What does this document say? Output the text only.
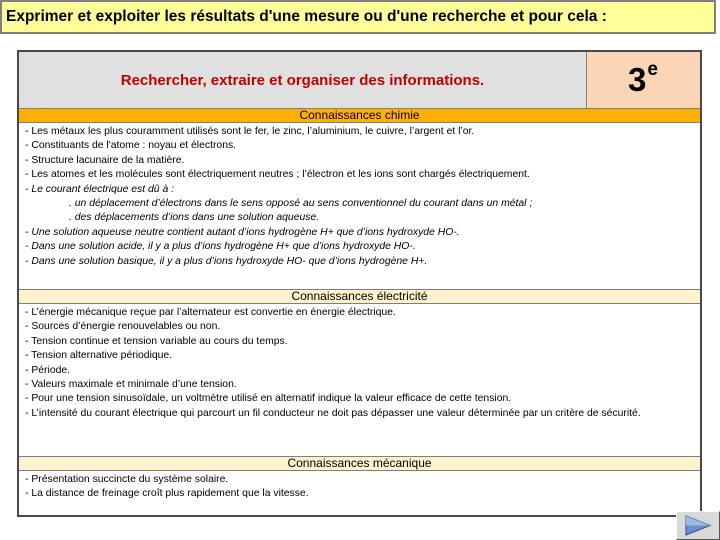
Exprimer et exploiter les résultats d'une mesure ou d'une recherche et pour cela :
Rechercher, extraire et organiser des informations.	3e
Connaissances chimie
- Les métaux les plus couramment utilisés sont le fer, le zinc, l’aluminium, le cuivre, l’argent et l’or.
- Constituants de l'atome : noyau et électrons.
- Structure lacunaire de la matière.
- Les atomes et les molécules sont électriquement neutres ; l’électron et les ions sont chargés électriquement.
- Le courant électrique est dû à :
. un déplacement d’électrons dans le sens opposé au sens conventionnel du courant dans un métal ;
. des déplacements d’ions dans une solution aqueuse.
- Une solution aqueuse neutre contient autant d’ions hydrogène H+ que d’ions hydroxyde HO-.
- Dans une solution acide, il y a plus d’ions hydrogène H+ que d’ions hydroxyde HO-.
- Dans une solution basique, il y a plus d’ions hydroxyde HO- que d’ions hydrogène H+.
Connaissances électricité
- L’énergie mécanique reçue par l’alternateur est convertie en énergie électrique.
- Sources d’énergie renouvelables ou non.
- Tension continue et tension variable au cours du temps.
- Tension alternative périodique.
- Période.
- Valeurs maximale et minimale d’une tension.
- Pour une tension sinusoïdale, un voltmètre utilisé en alternatif indique la valeur efficace de cette tension.
- L’intensité du courant électrique qui parcourt un fil conducteur ne doit pas dépasser une valeur déterminée par un critère de sécurité.
Connaissances mécanique
- Présentation succincte du système solaire.
- La distance de freinage croît plus rapidement que la vitesse.
